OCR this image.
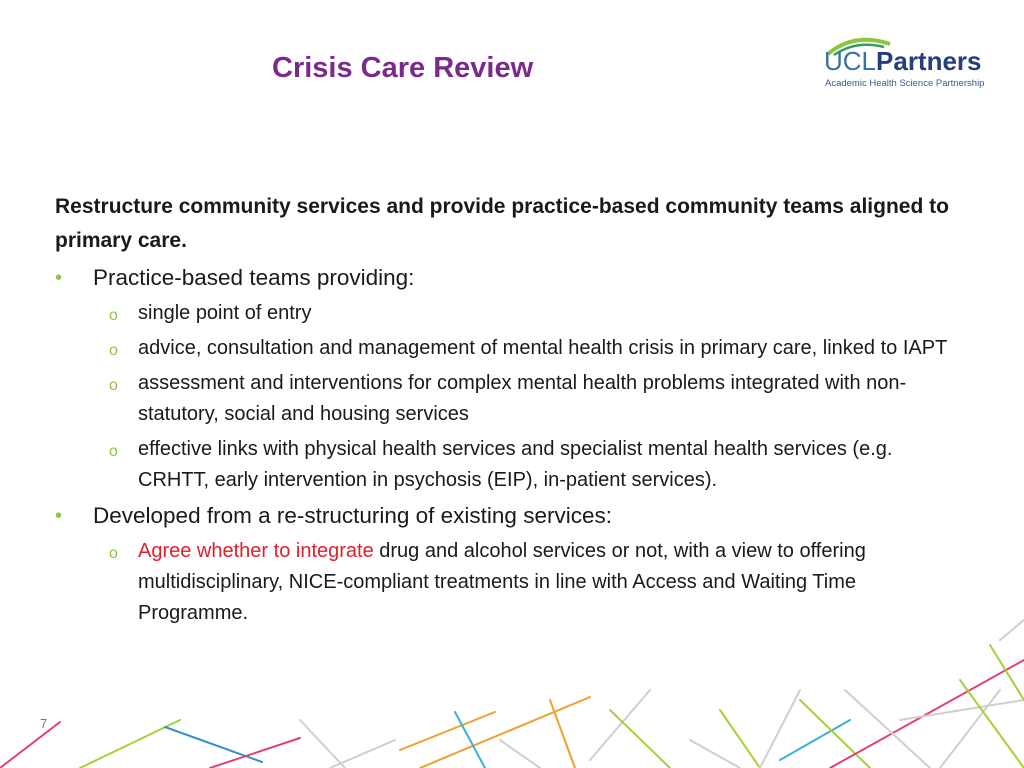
Crisis Care Review	UCLPartners
Academic Health Science Partnership

Restructure community services and provide practice-based community teams aligned to primary care.

• Practice-based teams providing:
o single point of entry
o advice, consultation and management of mental health crisis in primary care, linked to IAPT
o assessment and interventions for complex mental health problems integrated with non-statutory, social and housing services
o effective links with physical health services and specialist mental health services (e.g. CRHTT, early intervention in psychosis (EIP), in-patient services).
• Developed from a re-structuring of existing services:
o Agree whether to integrate drug and alcohol services or not, with a view to offering multidisciplinary, NICE-compliant treatments in line with Access and Waiting Time Programme.
7
